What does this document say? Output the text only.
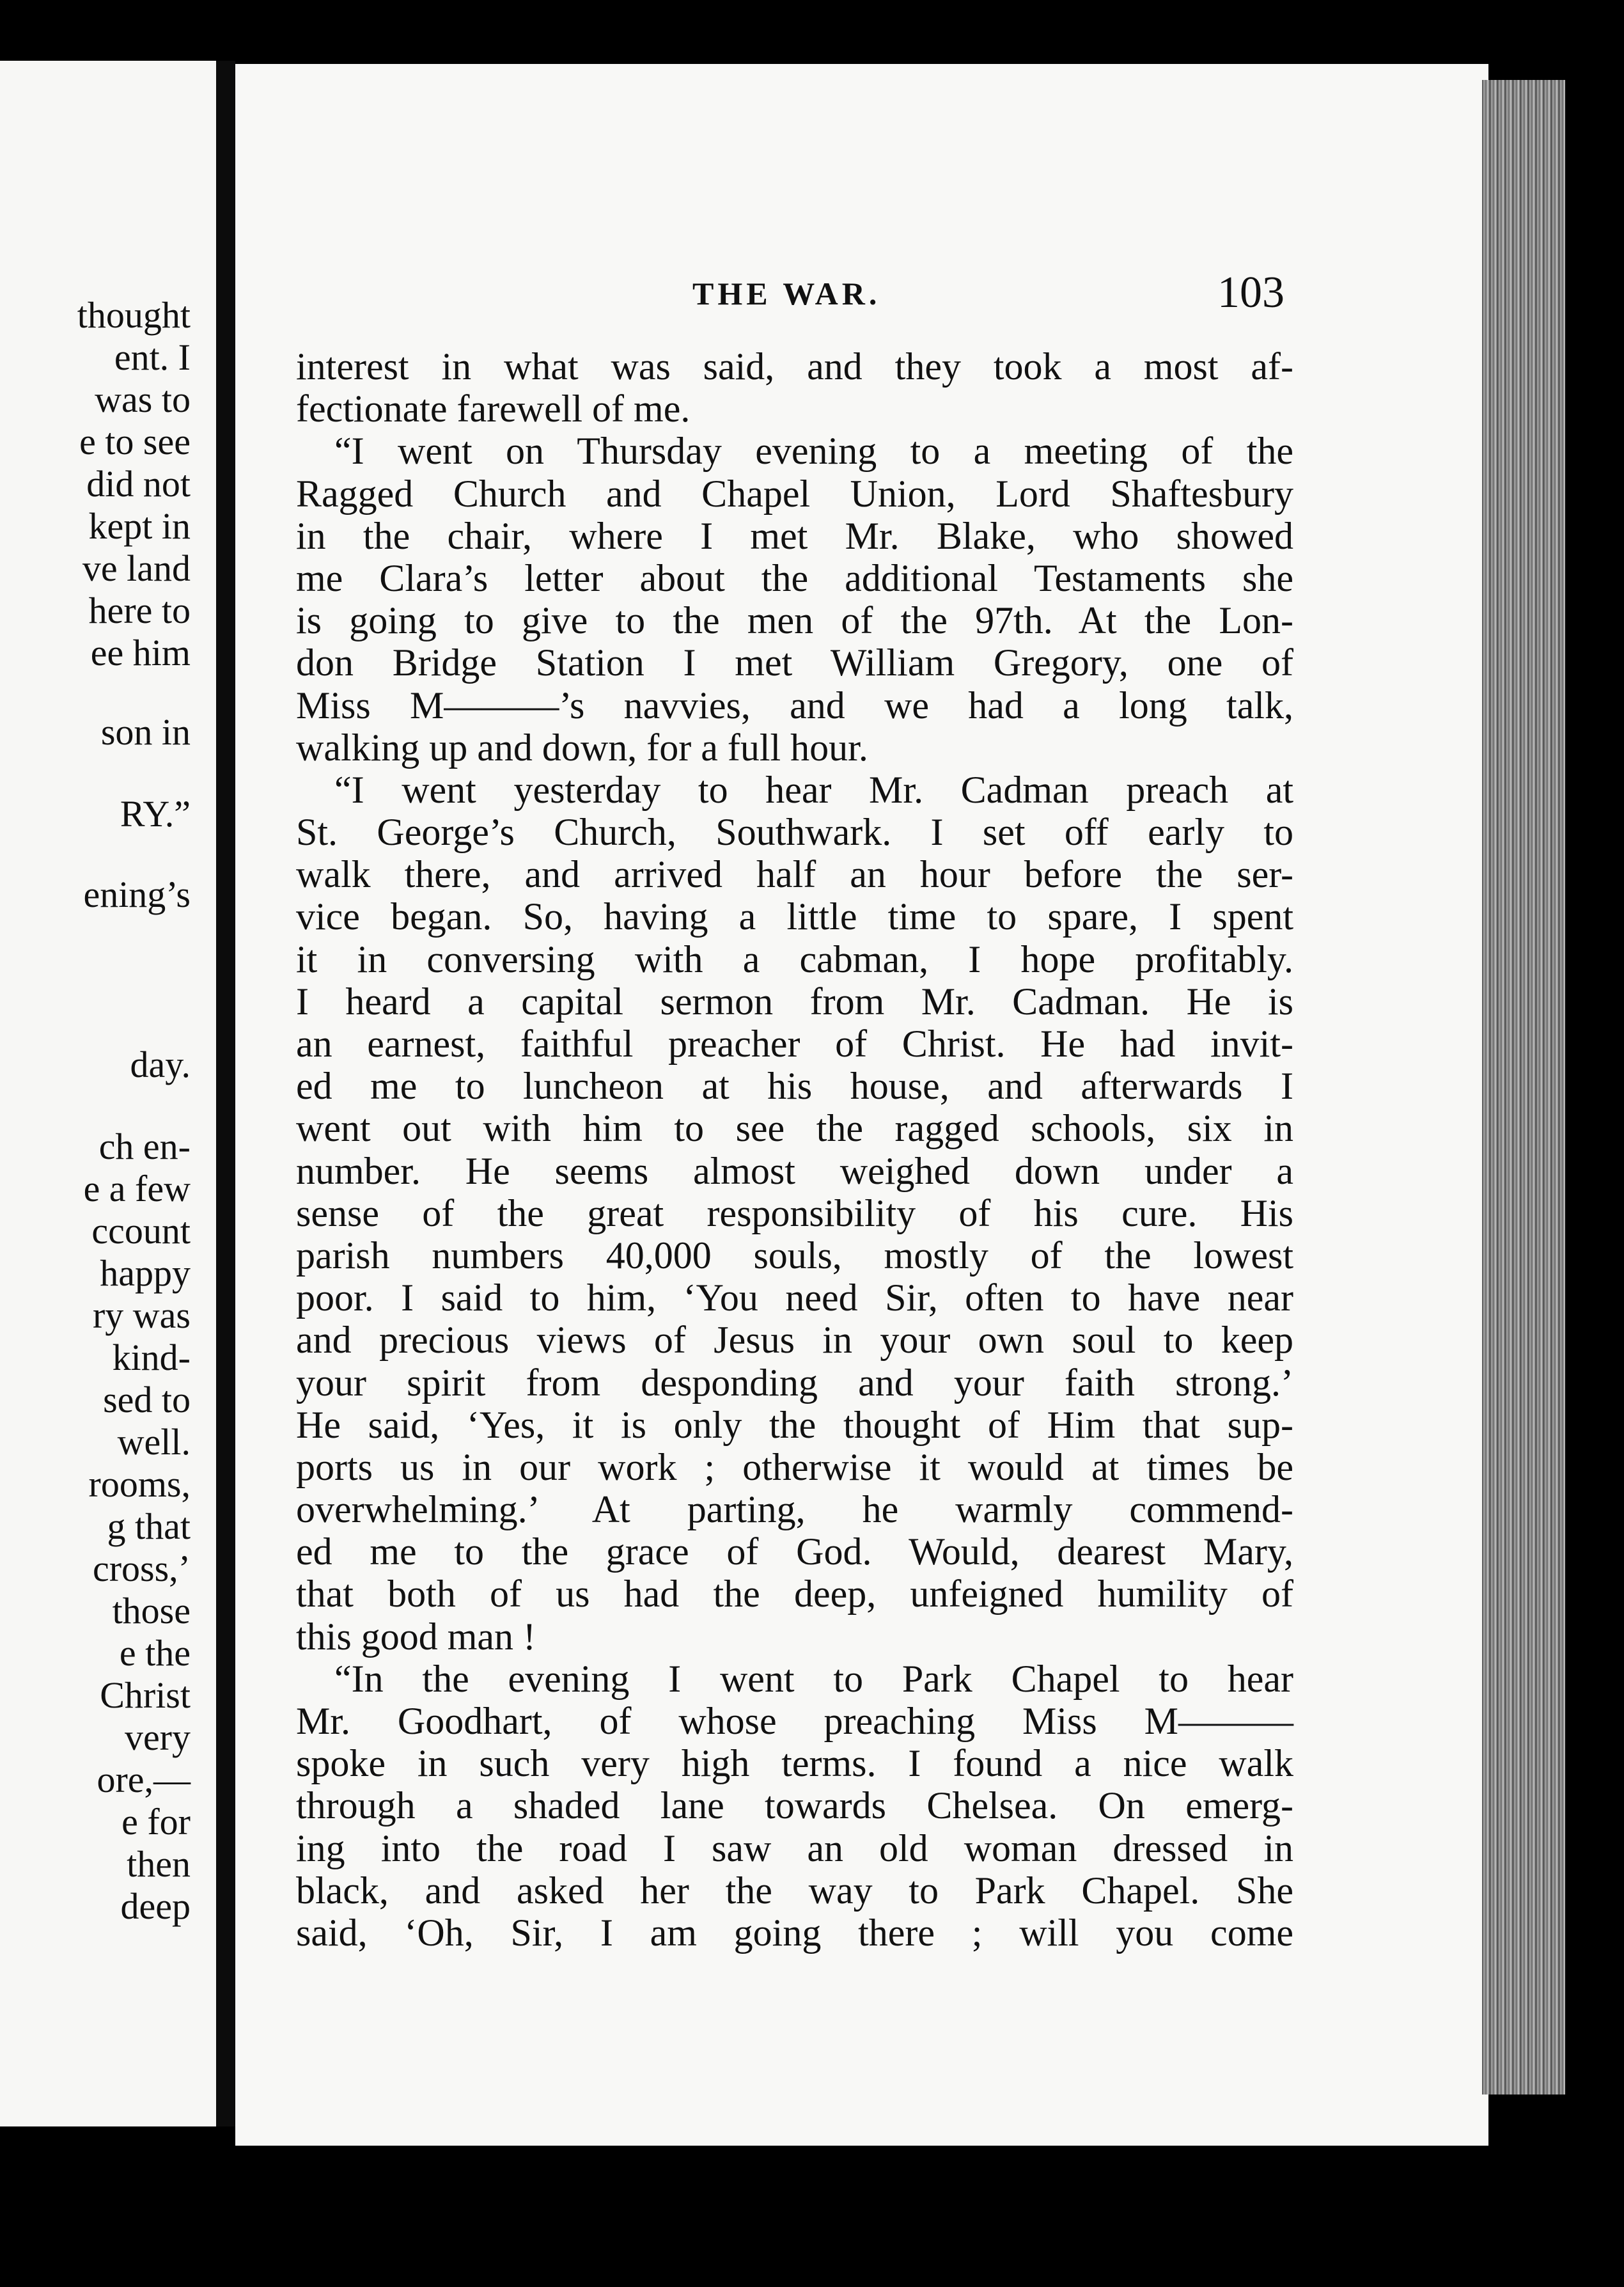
thought
ent. I
was to
e to see
did not
kept in
ve land
here to
ee him
son in
RY.”
ening’s
day.
ch en-
e a few
ccount
happy
ry was
kind-
sed to
well.
rooms,
g that
cross,’
those
e the
Christ
very
ore,—
e for
then
deep
THE WAR.	103
interest in what was said, and they took a most af-
fectionate farewell of me.
“I went on Thursday evening to a meeting of the
Ragged Church and Chapel Union, Lord Shaftesbury
in the chair, where I met Mr. Blake, who showed
me Clara’s letter about the additional Testaments she
is going to give to the men of the 97th. At the Lon-
don Bridge Station I met William Gregory, one of
Miss M———’s navvies, and we had a long talk,
walking up and down, for a full hour.
“I went yesterday to hear Mr. Cadman preach at
St. George’s Church, Southwark. I set off early to
walk there, and arrived half an hour before the ser-
vice began. So, having a little time to spare, I spent
it in conversing with a cabman, I hope profitably.
I heard a capital sermon from Mr. Cadman. He is
an earnest, faithful preacher of Christ. He had invit-
ed me to luncheon at his house, and afterwards I
went out with him to see the ragged schools, six in
number. He seems almost weighed down under a
sense of the great responsibility of his cure. His
parish numbers 40,000 souls, mostly of the lowest
poor. I said to him, ‘You need Sir, often to have near
and precious views of Jesus in your own soul to keep
your spirit from desponding and your faith strong.’
He said, ‘Yes, it is only the thought of Him that sup-
ports us in our work ; otherwise it would at times be
overwhelming.’ At parting, he warmly commend-
ed me to the grace of God. Would, dearest Mary,
that both of us had the deep, unfeigned humility of
this good man !
“In the evening I went to Park Chapel to hear
Mr. Goodhart, of whose preaching Miss M———
spoke in such very high terms. I found a nice walk
through a shaded lane towards Chelsea. On emerg-
ing into the road I saw an old woman dressed in
black, and asked her the way to Park Chapel. She
said, ‘Oh, Sir, I am going there ; will you come
